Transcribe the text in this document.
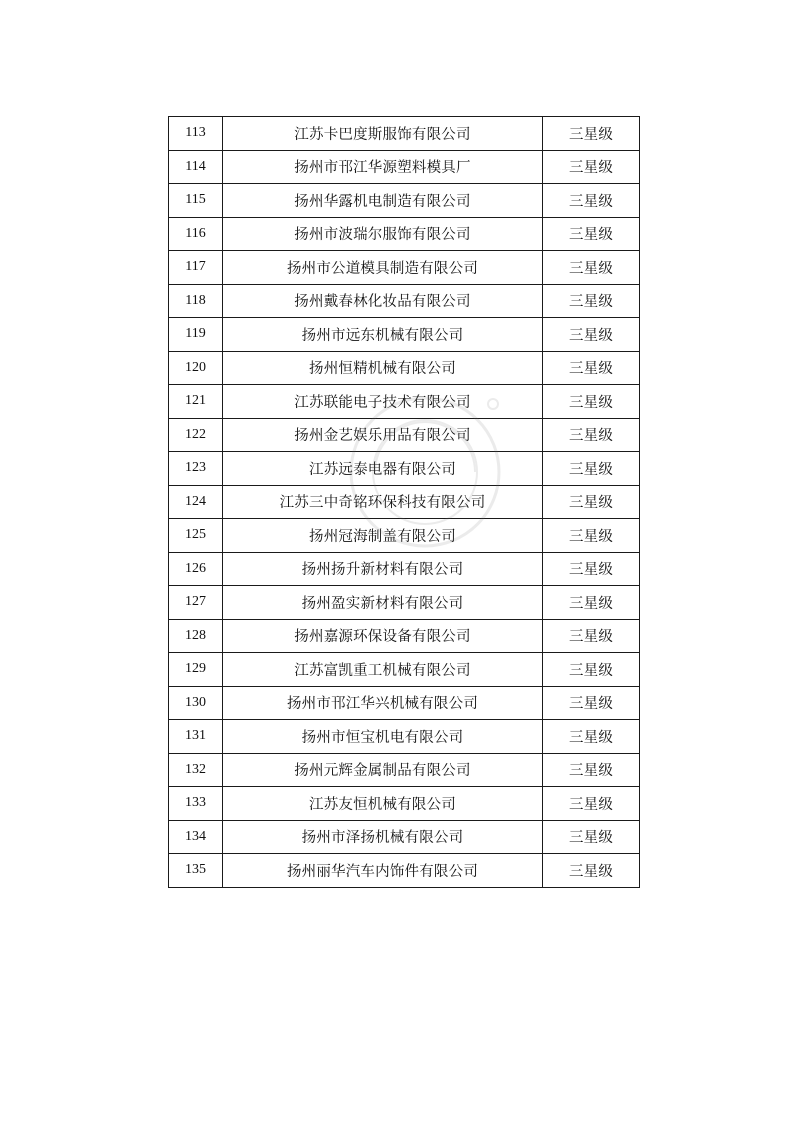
113	江苏卡巴度斯服饰有限公司	三星级
114	扬州市邗江华源塑料模具厂	三星级
115	扬州华露机电制造有限公司	三星级
116	扬州市波瑞尔服饰有限公司	三星级
117	扬州市公道模具制造有限公司	三星级
118	扬州戴春林化妆品有限公司	三星级
119	扬州市远东机械有限公司	三星级
120	扬州恒精机械有限公司	三星级
121	江苏联能电子技术有限公司	三星级
122	扬州金艺娱乐用品有限公司	三星级
123	江苏远泰电器有限公司	三星级
124	江苏三中奇铭环保科技有限公司	三星级
125	扬州冠海制盖有限公司	三星级
126	扬州扬升新材料有限公司	三星级
127	扬州盈实新材料有限公司	三星级
128	扬州嘉源环保设备有限公司	三星级
129	江苏富凯重工机械有限公司	三星级
130	扬州市邗江华兴机械有限公司	三星级
131	扬州市恒宝机电有限公司	三星级
132	扬州元辉金属制品有限公司	三星级
133	江苏友恒机械有限公司	三星级
134	扬州市泽扬机械有限公司	三星级
135	扬州丽华汽车内饰件有限公司	三星级
